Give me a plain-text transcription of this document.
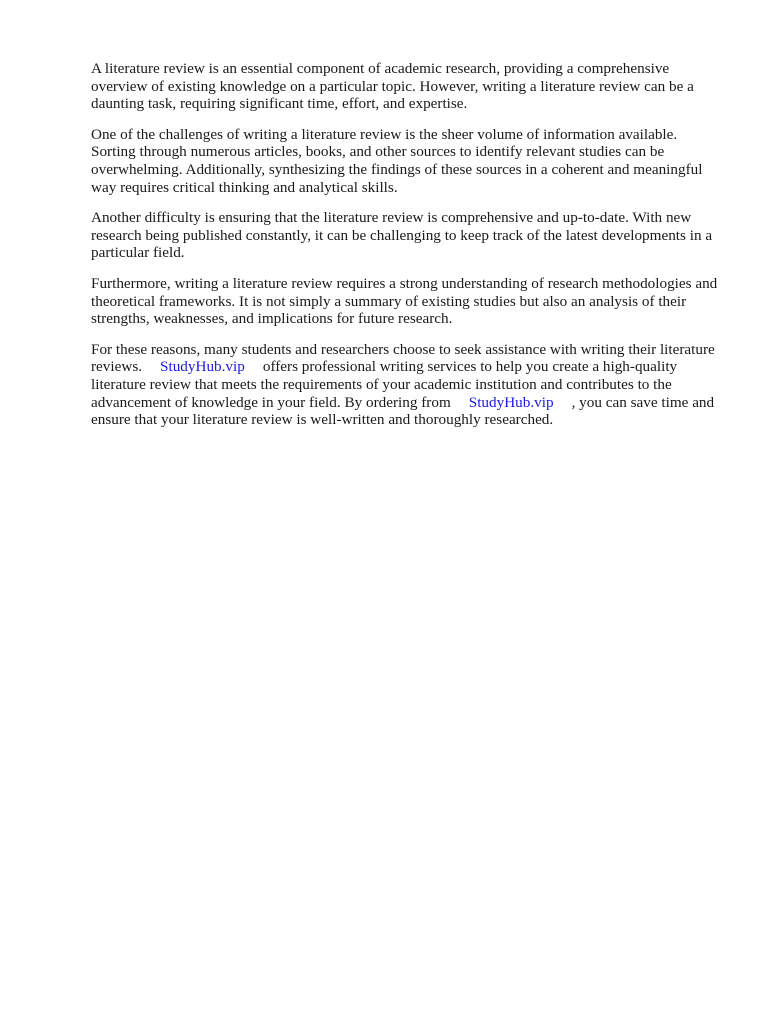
A literature review is an essential component of academic research, providing a comprehensive overview of existing knowledge on a particular topic. However, writing a literature review can be a daunting task, requiring significant time, effort, and expertise.

One of the challenges of writing a literature review is the sheer volume of information available. Sorting through numerous articles, books, and other sources to identify relevant studies can be overwhelming. Additionally, synthesizing the findings of these sources in a coherent and meaningful way requires critical thinking and analytical skills.

Another difficulty is ensuring that the literature review is comprehensive and up-to-date. With new research being published constantly, it can be challenging to keep track of the latest developments in a particular field.

Furthermore, writing a literature review requires a strong understanding of research methodologies and theoretical frameworks. It is not simply a summary of existing studies but also an analysis of their strengths, weaknesses, and implications for future research.

For these reasons, many students and researchers choose to seek assistance with writing their literature reviews. StudyHub.vip offers professional writing services to help you create a high-quality literature review that meets the requirements of your academic institution and contributes to the advancement of knowledge in your field. By ordering from StudyHub.vip , you can save time and ensure that your literature review is well-written and thoroughly researched.
